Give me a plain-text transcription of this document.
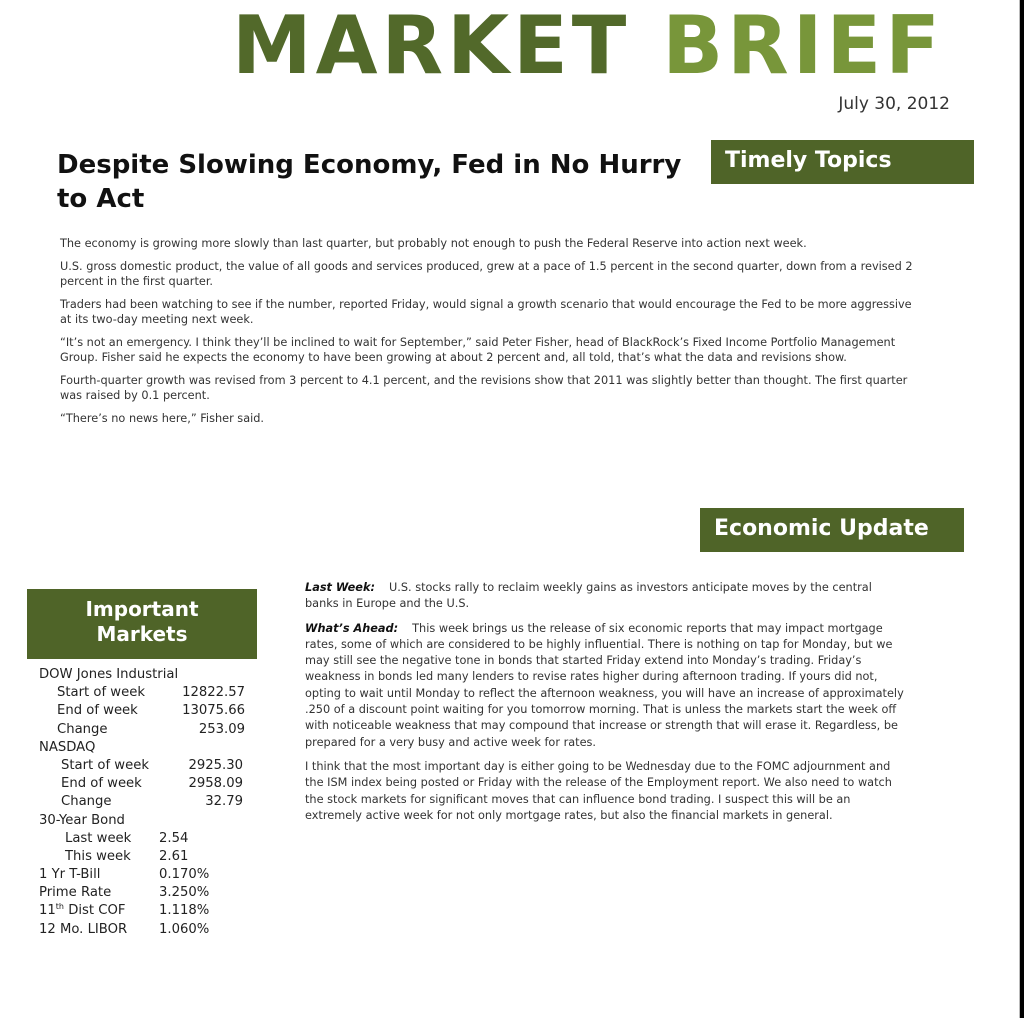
MARKET BRIEF
July 30, 2012
Timely Topics
Despite Slowing Economy, Fed in No Hurry to Act

The economy is growing more slowly than last quarter, but probably not enough to push the Federal Reserve into action next week.

U.S. gross domestic product, the value of all goods and services produced, grew at a pace of 1.5 percent in the second quarter, down from a revised 2 percent in the first quarter.

Traders had been watching to see if the number, reported Friday, would signal a growth scenario that would encourage the Fed to be more aggressive at its two-day meeting next week.

“It’s not an emergency. I think they’ll be inclined to wait for September,” said Peter Fisher, head of BlackRock’s Fixed Income Portfolio Management Group. Fisher said he expects the economy to have been growing at about 2 percent and, all told, that’s what the data and revisions show.

Fourth-quarter growth was revised from 3 percent to 4.1 percent, and the revisions show that 2011 was slightly better than thought. The first quarter was raised by 0.1 percent.

“There’s no news here,” Fisher said.

Economic Update
Important
Markets
DOW Jones Industrial
Start of week	12822.57
End of week	13075.66
Change	253.09
NASDAQ
Start of week	2925.30
End of week	2958.09
Change	32.79
30-Year Bond
Last week 2.54
This week 2.61
1 Yr T-Bill	0.170%
Prime Rate	3.250%
11th Dist COF	1.118%
12 Mo. LIBOR 1.060%

Last Week: U.S. stocks rally to reclaim weekly gains as investors anticipate moves by the central banks in Europe and the U.S.

What’s Ahead: This week brings us the release of six economic reports that may impact mortgage rates, some of which are considered to be highly influential. There is nothing on tap for Monday, but we may still see the negative tone in bonds that started Friday extend into Monday’s trading. Friday’s weakness in bonds led many lenders to revise rates higher during afternoon trading. If yours did not, opting to wait until Monday to reflect the afternoon weakness, you will have an increase of approximately .250 of a discount point waiting for you tomorrow morning. That is unless the markets start the week off with noticeable weakness that may compound that increase or strength that will erase it. Regardless, be prepared for a very busy and active week for rates.

I think that the most important day is either going to be Wednesday due to the FOMC adjournment and the ISM index being posted or Friday with the release of the Employment report. We also need to watch the stock markets for significant moves that can influence bond trading. I suspect this will be an extremely active week for not only mortgage rates, but also the financial markets in general.
